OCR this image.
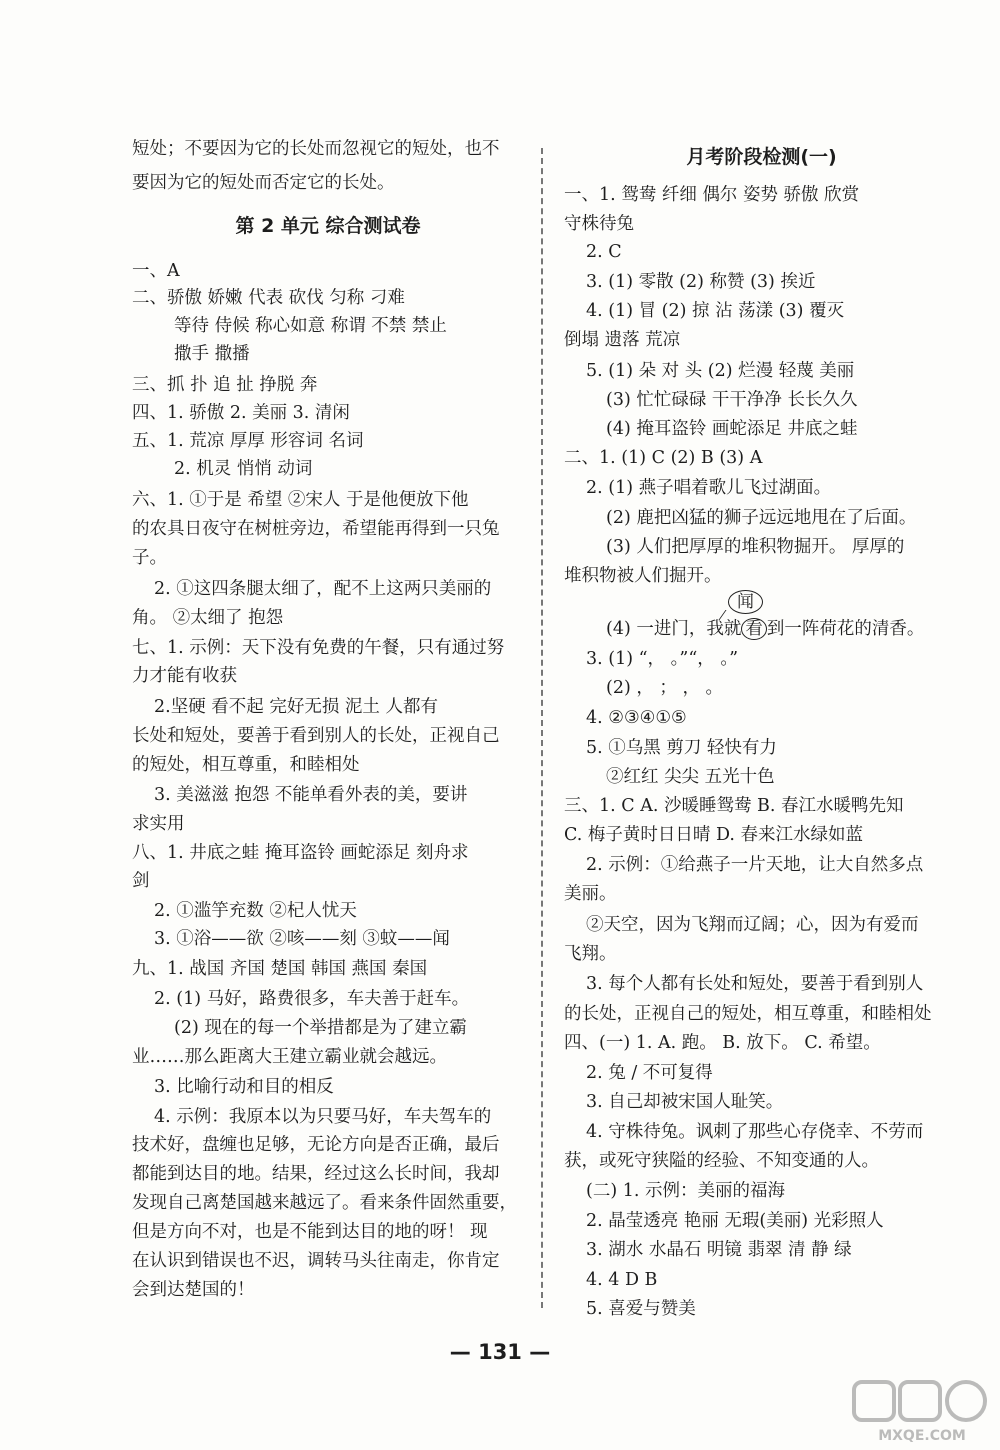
短处；不要因为它的长处而忽视它的短处，也不
要因为它的短处而否定它的长处。
第 2 单元 综合测试卷
一、A
二、骄傲 娇嫩 代表 砍伐 匀称 刁难
等待 侍候 称心如意 称谓 不禁 禁止
撒手 撒播
三、抓 扑 追 扯 挣脱 奔
四、1. 骄傲 2. 美丽 3. 清闲
五、1. 荒凉 厚厚 形容词 名词
2. 机灵 悄悄 动词
六、1. ①于是 希望 ②宋人 于是他便放下他
的农具日夜守在树桩旁边，希望能再得到一只兔
子。
2. ①这四条腿太细了，配不上这两只美丽的
角。 ②太细了 抱怨
七、1. 示例：天下没有免费的午餐，只有通过努
力才能有收获
2.坚硬 看不起 完好无损 泥土 人都有
长处和短处，要善于看到别人的长处，正视自己
的短处，相互尊重，和睦相处
3. 美滋滋 抱怨 不能单看外表的美，要讲
求实用
八、1. 井底之蛙 掩耳盗铃 画蛇添足 刻舟求
剑
2. ①滥竽充数 ②杞人忧天
3. ①浴——欲 ②咳——刻 ③蚊——闻
九、1. 战国 齐国 楚国 韩国 燕国 秦国
2. (1) 马好，路费很多，车夫善于赶车。
(2) 现在的每一个举措都是为了建立霸
业……那么距离大王建立霸业就会越远。
3. 比喻行动和目的相反
4. 示例：我原本以为只要马好，车夫驾车的
技术好，盘缠也足够，无论方向是否正确，最后
都能到达目的地。结果，经过这么长时间，我却
发现自己离楚国越来越远了。看来条件固然重要，
但是方向不对，也是不能到达目的地的呀！ 现
在认识到错误也不迟，调转马头往南走，你肯定
会到达楚国的！
月考阶段检测(一)
一、1. 鸳鸯 纤细 偶尔 姿势 骄傲 欣赏
守株待兔
2. C
3. (1) 零散 (2) 称赞 (3) 挨近
4. (1) 冒 (2) 掠 沾 荡漾 (3) 覆灭
倒塌 遗落 荒凉
5. (1) 朵 对 头 (2) 烂漫 轻蔑 美丽
(3) 忙忙碌碌 干干净净 长长久久
(4) 掩耳盗铃 画蛇添足 井底之蛙
二、1. (1) C (2) B (3) A
2. (1) 燕子唱着歌儿飞过湖面。
(2) 鹿把凶猛的狮子远远地甩在了后面。
(3) 人们把厚厚的堆积物掘开。 厚厚的
堆积物被人们掘开。
(4) 一进门，我就 看 到一阵荷花的清香。
闻
3. (1) “， 。”“， 。”
(2) ， ； ， 。
4. ②③④①⑤
5. ①乌黑 剪刀 轻快有力
②红红 尖尖 五光十色
三、1. C A. 沙暖睡鸳鸯 B. 春江水暖鸭先知
C. 梅子黄时日日晴 D. 春来江水绿如蓝
2. 示例：①给燕子一片天地，让大自然多点
美丽。
②天空，因为飞翔而辽阔；心，因为有爱而
飞翔。
3. 每个人都有长处和短处，要善于看到别人
的长处，正视自己的短处，相互尊重，和睦相处
四、(一) 1. A. 跑。 B. 放下。 C. 希望。
2. 兔 / 不可复得
3. 自己却被宋国人耻笑。
4. 守株待兔。讽刺了那些心存侥幸、不劳而
获，或死守狭隘的经验、不知变通的人。
(二) 1. 示例：美丽的福海
2. 晶莹透亮 艳丽 无瑕(美丽) 光彩照人
3. 湖水 水晶石 明镜 翡翠 清 静 绿
4. 4 D B
5. 喜爱与赞美
— 131 —
MXQE.COM
